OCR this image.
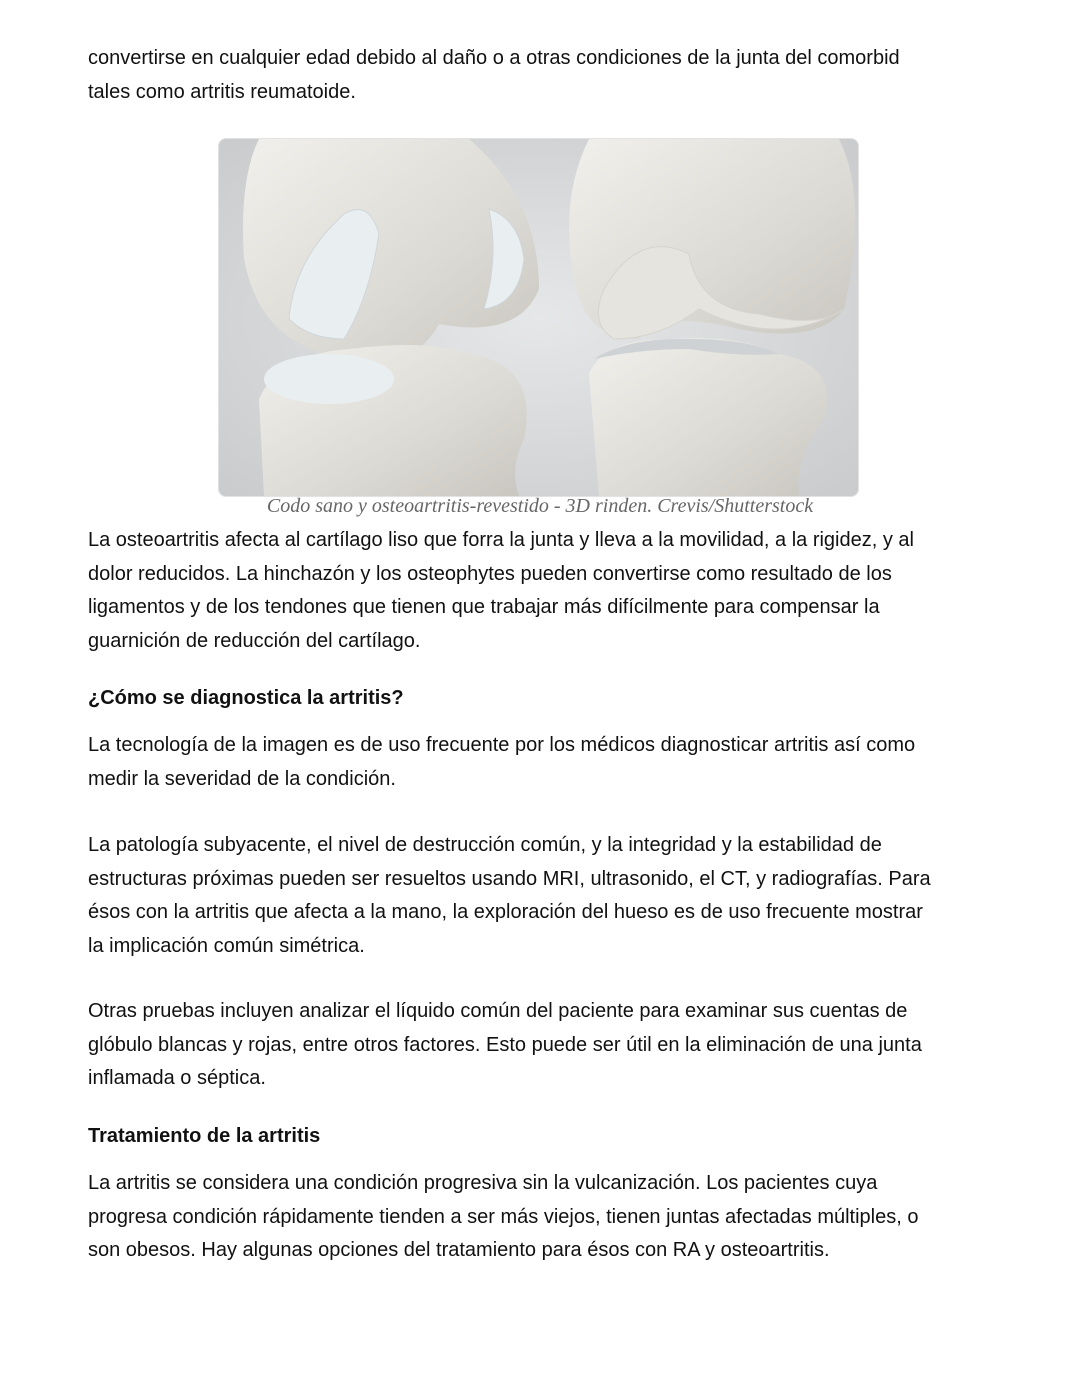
convertirse en cualquier edad debido al daño o a otras condiciones de la junta del comorbid
tales como artritis reumatoide.
Codo sano y osteoartritis-revestido - 3D rinden. Crevis/Shutterstock
La osteoartritis afecta al cartílago liso que forra la junta y lleva a la movilidad, a la rigidez, y al
dolor reducidos. La hinchazón y los osteophytes pueden convertirse como resultado de los
ligamentos y de los tendones que tienen que trabajar más difícilmente para compensar la
guarnición de reducción del cartílago.
¿Cómo se diagnostica la artritis?
La tecnología de la imagen es de uso frecuente por los médicos diagnosticar artritis así como
medir la severidad de la condición.
La patología subyacente, el nivel de destrucción común, y la integridad y la estabilidad de
estructuras próximas pueden ser resueltos usando MRI, ultrasonido, el CT, y radiografías. Para
ésos con la artritis que afecta a la mano, la exploración del hueso es de uso frecuente mostrar
la implicación común simétrica.
Otras pruebas incluyen analizar el líquido común del paciente para examinar sus cuentas de
glóbulo blancas y rojas, entre otros factores. Esto puede ser útil en la eliminación de una junta
inflamada o séptica.
Tratamiento de la artritis
La artritis se considera una condición progresiva sin la vulcanización. Los pacientes cuya
progresa condición rápidamente tienden a ser más viejos, tienen juntas afectadas múltiples, o
son obesos. Hay algunas opciones del tratamiento para ésos con RA y osteoartritis.
